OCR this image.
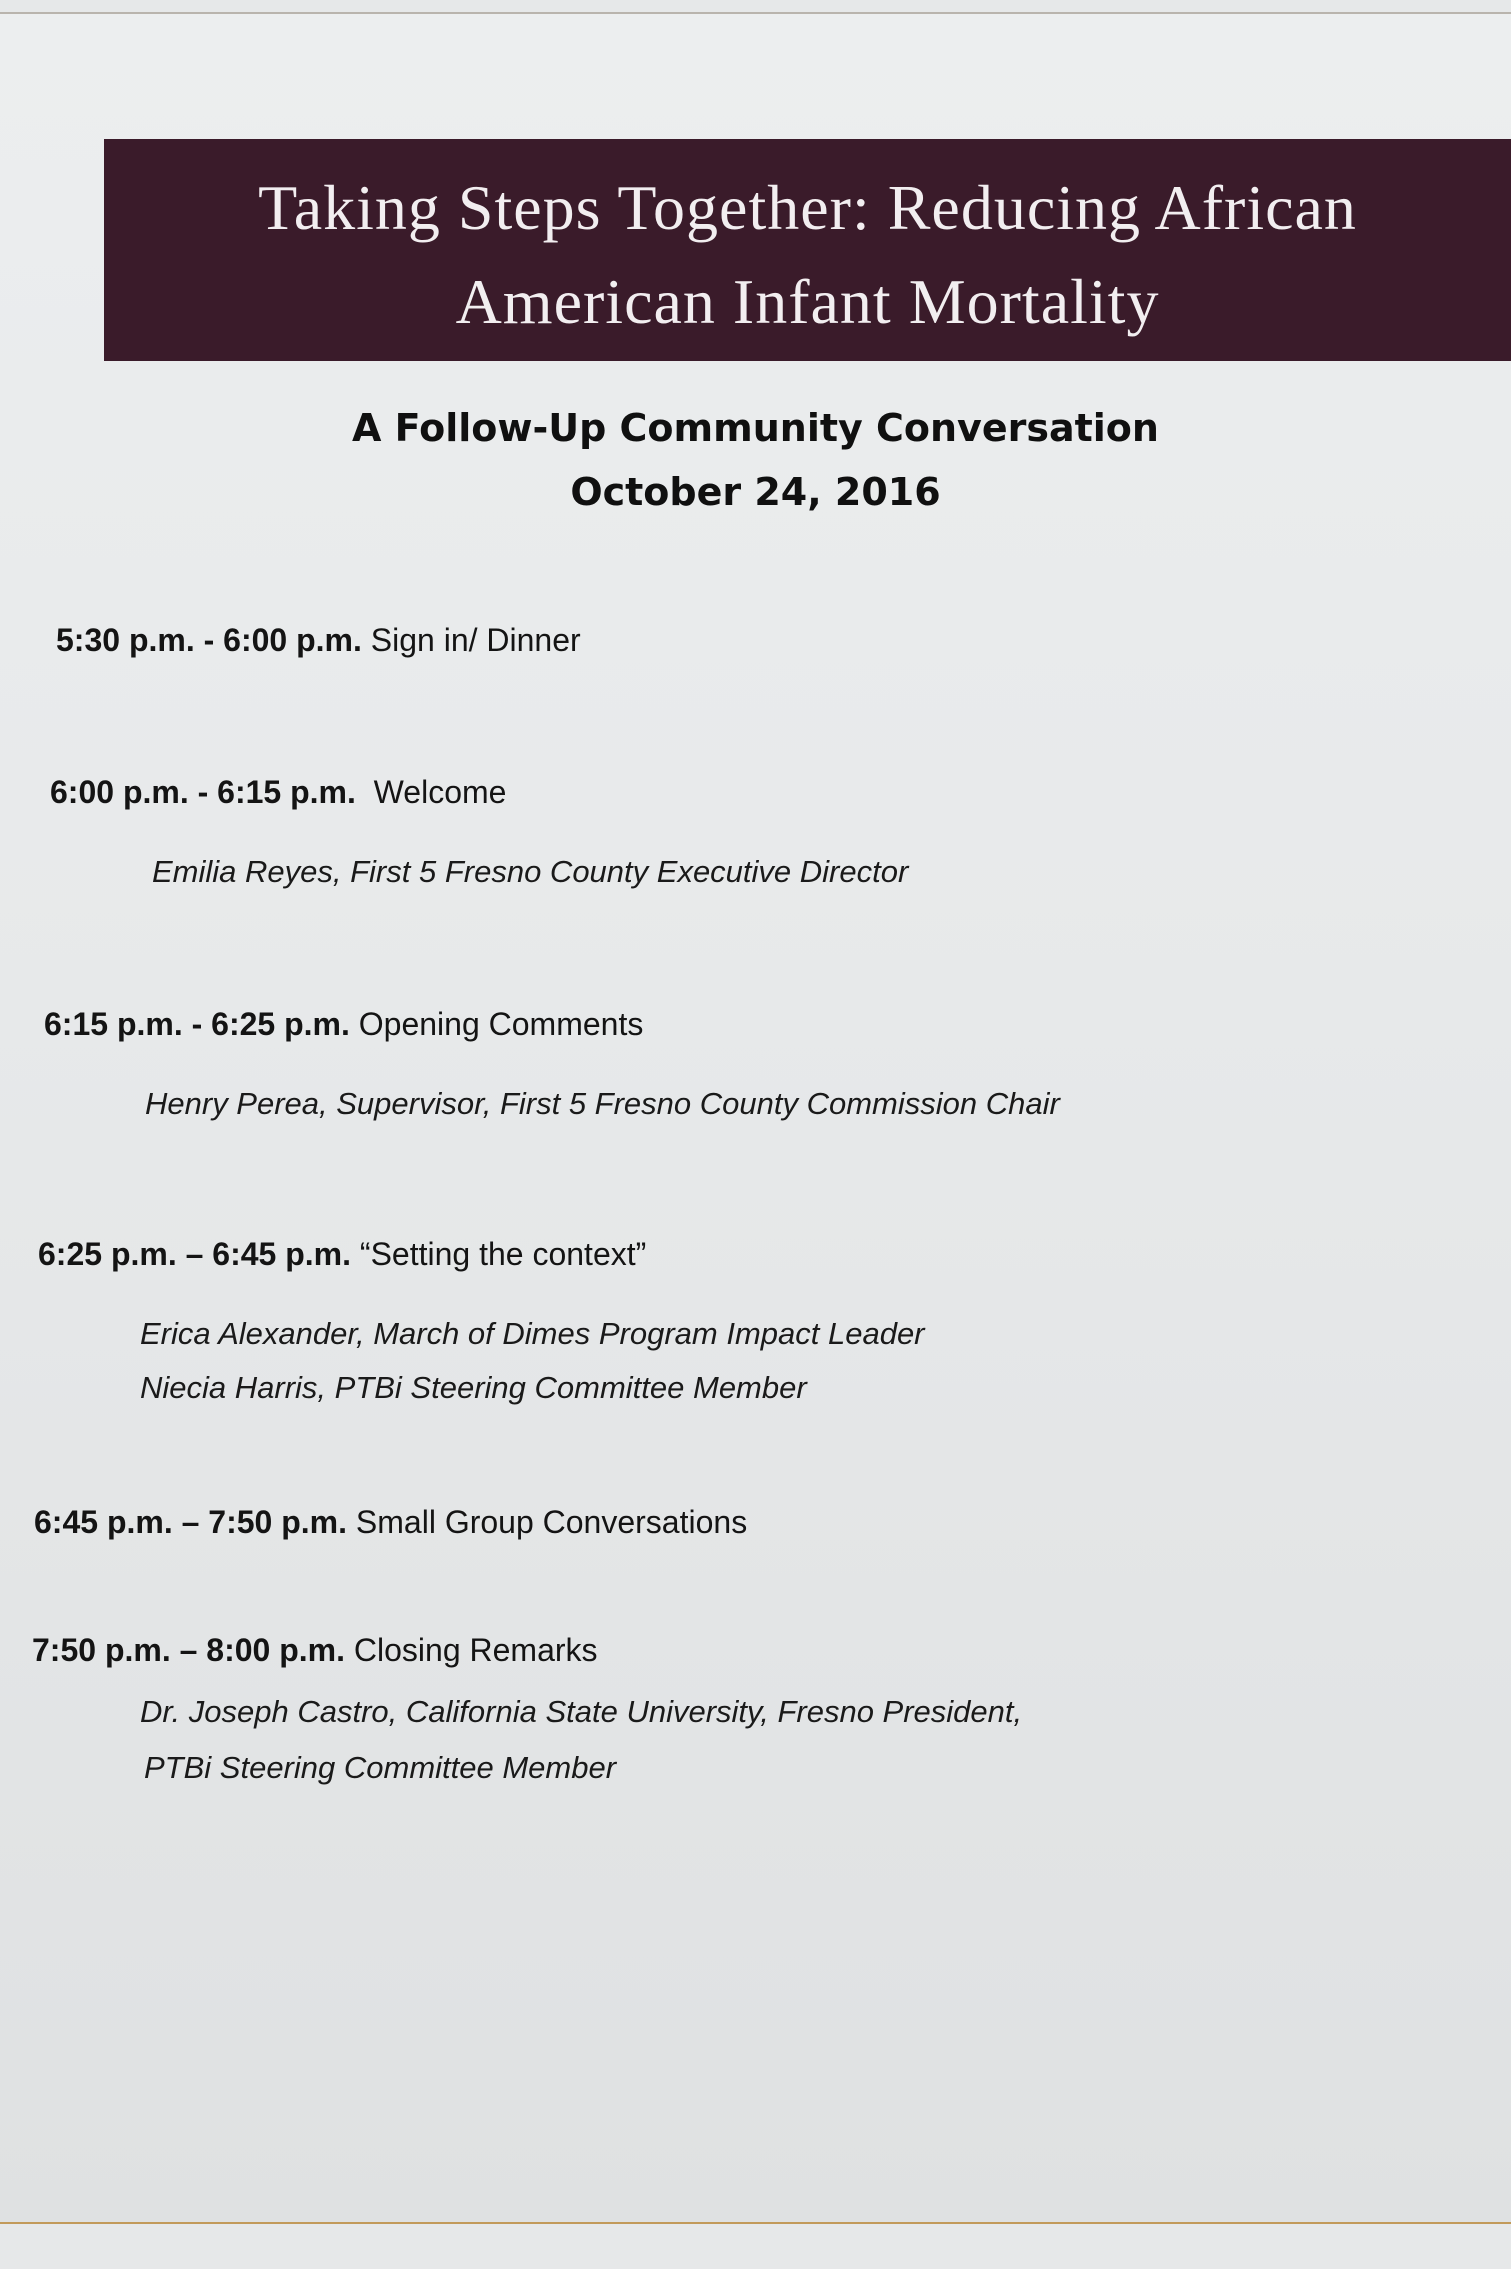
Taking Steps Together: Reducing African
American Infant Mortality
A Follow-Up Community Conversation
October 24, 2016
5:30 p.m. - 6:00 p.m. Sign in/ Dinner
6:00 p.m. - 6:15 p.m. Welcome
Emilia Reyes, First 5 Fresno County Executive Director
6:15 p.m. - 6:25 p.m. Opening Comments
Henry Perea, Supervisor, First 5 Fresno County Commission Chair
6:25 p.m. – 6:45 p.m. “Setting the context”
Erica Alexander, March of Dimes Program Impact Leader
Niecia Harris, PTBi Steering Committee Member
6:45 p.m. – 7:50 p.m. Small Group Conversations
7:50 p.m. – 8:00 p.m. Closing Remarks
Dr. Joseph Castro, California State University, Fresno President,
PTBi Steering Committee Member
